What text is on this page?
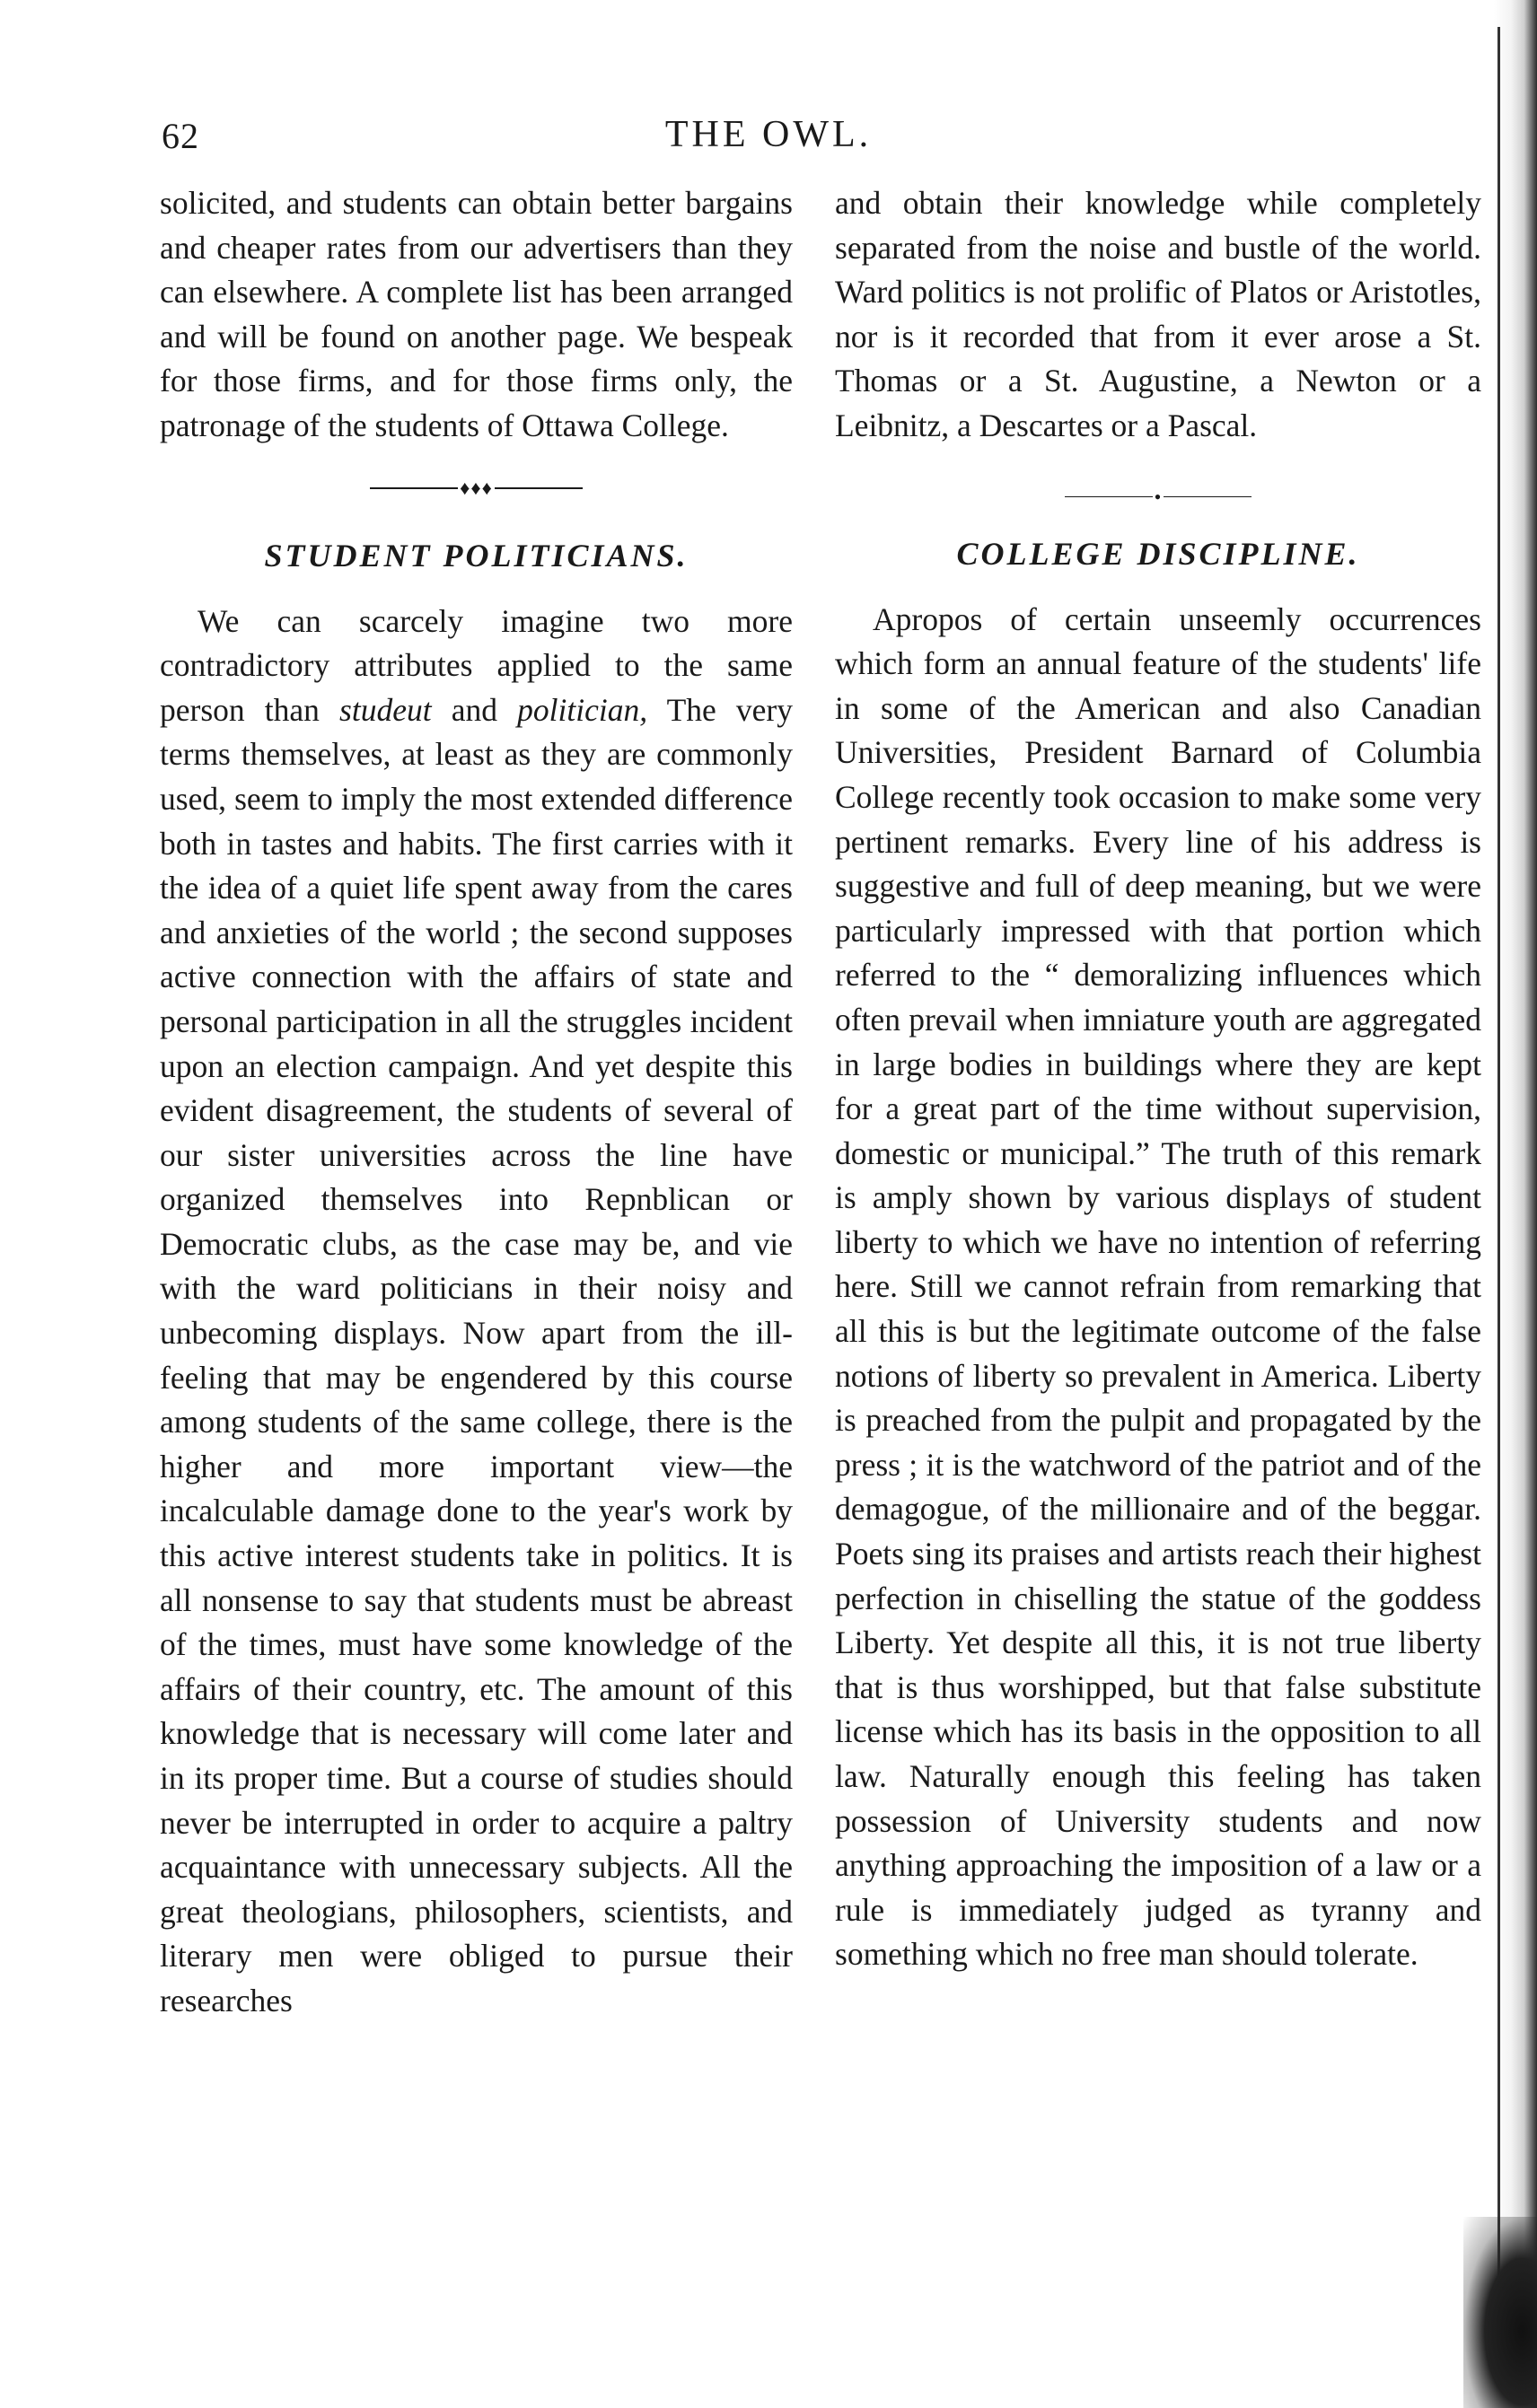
62	THE OWL.

solicited, and students can obtain better bargains and cheaper rates from our advertisers than they can elsewhere. A complete list has been arranged and will be found on another page. We bespeak for those firms, and for those firms only, the patronage of the students of Ottawa College.

♦♦♦
STUDENT POLITICIANS.

We can scarcely imagine two more contradictory attributes applied to the same person than studeut and politician, The very terms themselves, at least as they are commonly used, seem to imply the most extended difference both in tastes and habits. The first carries with it the idea of a quiet life spent away from the cares and anxieties of the world ; the second supposes active connection with the affairs of state and personal participation in all the struggles incident upon an election campaign. And yet despite this evident disagreement, the students of several of our sister universities across the line have organized themselves into Repnblican or Democratic clubs, as the case may be, and vie with the ward politicians in their noisy and unbecoming displays. Now apart from the ill-feeling that may be engendered by this course among students of the same college, there is the higher and more important view—the incalculable damage done to the year's work by this active interest students take in politics. It is all nonsense to say that students must be abreast of the times, must have some knowledge of the affairs of their country, etc. The amount of this knowledge that is necessary will come later and in its proper time. But a course of studies should never be interrupted in order to acquire a paltry acquaintance with unnecessary subjects. All the great theologians, philosophers, scientists, and literary men were obliged to pursue their researches

and obtain their knowledge while completely separated from the noise and bustle of the world. Ward politics is not prolific of Platos or Aristotles, nor is it recorded that from it ever arose a St. Thomas or a St. Augustine, a Newton or a Leibnitz, a Descartes or a Pascal.

•
COLLEGE DISCIPLINE.

Apropos of certain unseemly occurrences which form an annual feature of the students' life in some of the American and also Canadian Universities, President Barnard of Columbia College recently took occasion to make some very pertinent remarks. Every line of his address is suggestive and full of deep meaning, but we were particularly impressed with that portion which referred to the “ demoralizing influences which often prevail when imniature youth are aggregated in large bodies in buildings where they are kept for a great part of the time without supervision, domestic or municipal.” The truth of this remark is amply shown by various displays of student liberty to which we have no intention of referring here. Still we cannot refrain from remarking that all this is but the legitimate outcome of the false notions of liberty so prevalent in America. Liberty is preached from the pulpit and propagated by the press ; it is the watchword of the patriot and of the demagogue, of the millionaire and of the beggar. Poets sing its praises and artists reach their highest perfection in chiselling the statue of the goddess Liberty. Yet despite all this, it is not true liberty that is thus worshipped, but that false substitute license which has its basis in the opposition to all law. Naturally enough this feeling has taken possession of University students and now anything approaching the imposition of a law or a rule is immediately judged as tyranny and something which no free man should tolerate.
